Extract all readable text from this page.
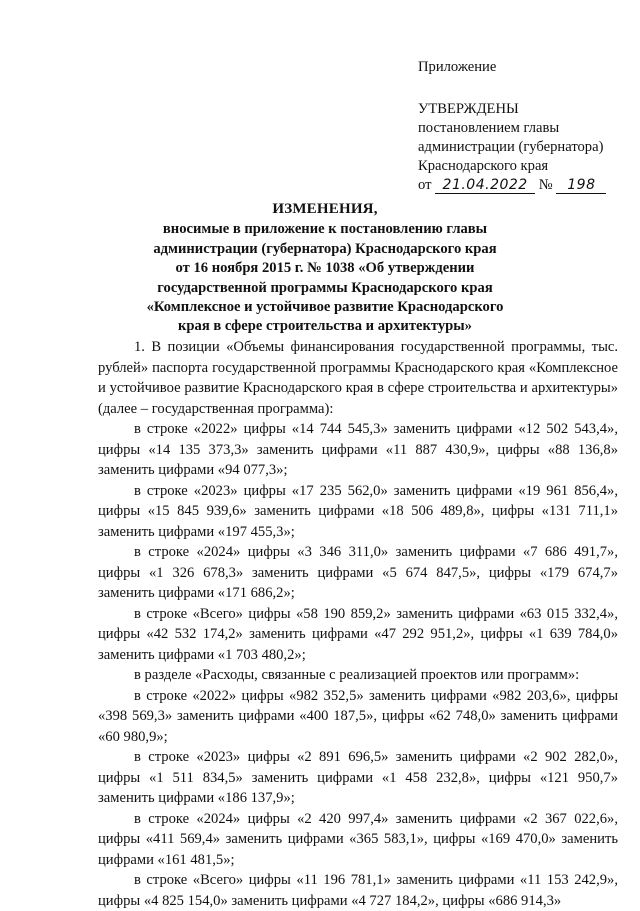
Приложение
УТВЕРЖДЕНЫ
постановлением главы
администрации (губернатора)
Краснодарского края
от 21.04.2022 № 198
ИЗМЕНЕНИЯ,
вносимые в приложение к постановлению главы
администрации (губернатора) Краснодарского края
от 16 ноября 2015 г. № 1038 «Об утверждении
государственной программы Краснодарского края
«Комплексное и устойчивое развитие Краснодарского
края в сфере строительства и архитектуры»

1. В позиции «Объемы финансирования государственной программы, тыс. рублей» паспорта государственной программы Краснодарского края «Комплексное и устойчивое развитие Краснодарского края в сфере строительства и архитектуры» (далее – государственная программа):

в строке «2022» цифры «14 744 545,3» заменить цифрами «12 502 543,4», цифры «14 135 373,3» заменить цифрами «11 887 430,9», цифры «88 136,8» заменить цифрами «94 077,3»;

в строке «2023» цифры «17 235 562,0» заменить цифрами «19 961 856,4», цифры «15 845 939,6» заменить цифрами «18 506 489,8», цифры «131 711,1» заменить цифрами «197 455,3»;

в строке «2024» цифры «3 346 311,0» заменить цифрами «7 686 491,7», цифры «1 326 678,3» заменить цифрами «5 674 847,5», цифры «179 674,7» заменить цифрами «171 686,2»;

в строке «Всего» цифры «58 190 859,2» заменить цифрами «63 015 332,4», цифры «42 532 174,2» заменить цифрами «47 292 951,2», цифры «1 639 784,0» заменить цифрами «1 703 480,2»;

в разделе «Расходы, связанные с реализацией проектов или программ»:

в строке «2022» цифры «982 352,5» заменить цифрами «982 203,6», цифры «398 569,3» заменить цифрами «400 187,5», цифры «62 748,0» заменить цифрами «60 980,9»;

в строке «2023» цифры «2 891 696,5» заменить цифрами «2 902 282,0», цифры «1 511 834,5» заменить цифрами «1 458 232,8», цифры «121 950,7» заменить цифрами «186 137,9»;

в строке «2024» цифры «2 420 997,4» заменить цифрами «2 367 022,6», цифры «411 569,4» заменить цифрами «365 583,1», цифры «169 470,0» заменить цифрами «161 481,5»;

в строке «Всего» цифры «11 196 781,1» заменить цифрами «11 153 242,9», цифры «4 825 154,0» заменить цифрами «4 727 184,2», цифры «686 914,3»
